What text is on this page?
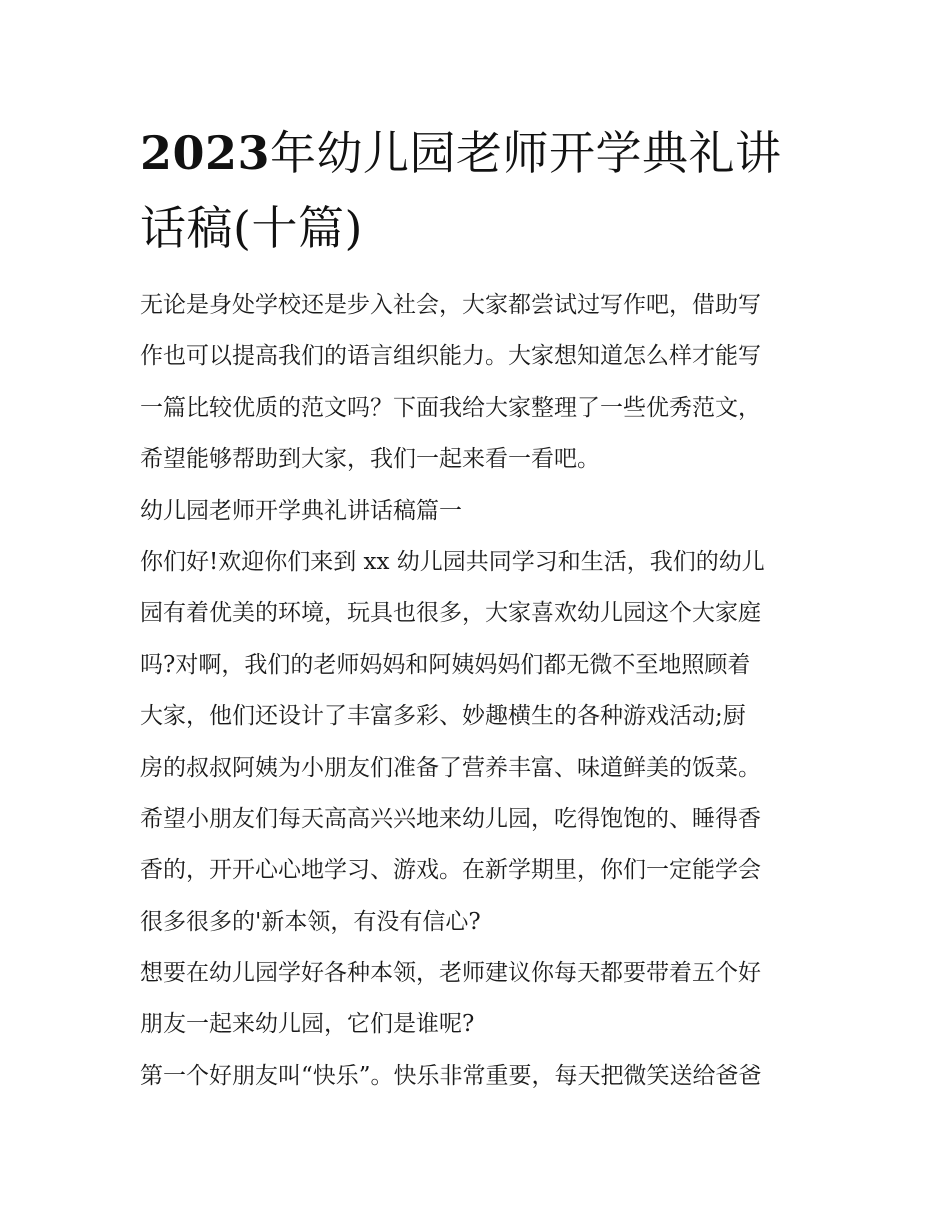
2023年幼儿园老师开学典礼讲
话稿(十篇)
无论是身处学校还是步入社会，大家都尝试过写作吧，借助写
作也可以提高我们的语言组织能力。大家想知道怎么样才能写
一篇比较优质的范文吗？下面我给大家整理了一些优秀范文，
希望能够帮助到大家，我们一起来看一看吧。
幼儿园老师开学典礼讲话稿篇一
你们好!欢迎你们来到 xx 幼儿园共同学习和生活，我们的幼儿
园有着优美的环境，玩具也很多，大家喜欢幼儿园这个大家庭
吗?对啊，我们的老师妈妈和阿姨妈妈们都无微不至地照顾着
大家，他们还设计了丰富多彩、妙趣横生的各种游戏活动;厨
房的叔叔阿姨为小朋友们准备了营养丰富、味道鲜美的饭菜。
希望小朋友们每天高高兴兴地来幼儿园，吃得饱饱的、睡得香
香的，开开心心地学习、游戏。在新学期里，你们一定能学会
很多很多的'新本领，有没有信心?
想要在幼儿园学好各种本领，老师建议你每天都要带着五个好
朋友一起来幼儿园，它们是谁呢?
第一个好朋友叫“快乐”。快乐非常重要，每天把微笑送给爸爸
